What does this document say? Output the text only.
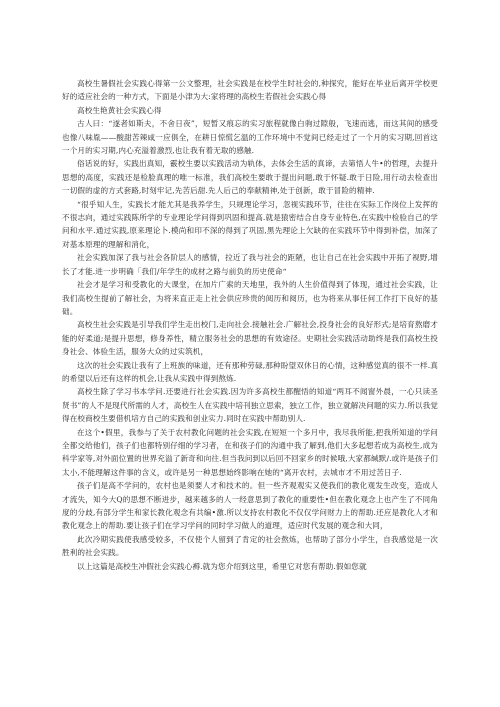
高校生暑假社会实践心得第一公文整理，社会实践是在校学生时社会的,种探究，能好在毕业后离开学校更好的适应社会的一种方式，下面是小津为大:家将理的高校生若假社会实践心得

高校生艳黄社会实践心得

古人曰：“遂者如斯夫，不舍日夜”，短暂又痕忘的实习旅程就像白驹过隙般，飞速而逃，而这其间的感受也像八味胤——酸甜苦辣咸一应俱全，在耕日惊慌乞温的工作环境中不觉间已经走过了一个月的实习期,回首这一个月的实习期,内心充溢着激烈,也让我有着无取的感触.

俗话说的好，实践出真知，霰校生要以实践活动为轨体，去体会生活的真谛，去第悟人牛•的哲理，去提升思想的高度，实践还是检脸真理的唯一标准，我们高校生要敢于提出问题,敢于怀疑.敢于日险,用行动去检查出一切假的虚的方式套路,时刻牢记,先苦后甜.先人后己的奉献精神,处于创新，敢于冒险的精神.

“很乎知人生，实践长才能尤其是我养学生，只规理论学习，忽视实践环节，往往在实际工作岗位上发挥的不很志向，通过实践陈所学的专业理论学问得到巩固和提高.就是猿密结合自身专业特色,在实践中检验自己的学问和水平.通过实践,原来理论卜.模尚和印不深的得到了巩固,黑先理论上欠缺的在实践环节中得到补偿，加深了对基本原理的理解和消化，

社会实践加深了我与社会各阶层人的感情，拉近了我与社会的距陋，也让自己在社会实践中开拓了视野,增长了才能.进一步明确「我们/年学生的成材之路与前负的历史使命“

社会才是学习和受教化的大课堂，在加片广索的天地里，我外的人生价值得到了体现，通过社会实践，让我们高校生提前了解社会，为将来直正走上社会供应珍贵的阅历和阅历，也为将来从事任何工作打下良好的基础。

高校生社会实践是引导我们学生走出校门,走向社会.接触社会.广解社会,投身社会的良好形式;是培育熬磨才能的好柔道;是提升思想，修身养性，精立服务社会的思想的有效途径。史期社会实践活动助终是我们高校生投身社会、体验生活，服务大众的过实筑机，

这次的社会实践让我有了上班族的味道，还有那种劳碌,那种盼望双休日的心情，这种感觉真的很不一样.真的希望以后还有这样的机会,让我从实践中得到熬炼.

高校生除了学习书本学问.还要进行社会实践.因为许多高校生都醒悟的知道“两耳不闻窗外晨，一心只读圣贤书”的人不是现代所需的人才，高校生人在实践中培刊独立思索，独立工作，独立就解决问题的实力.所以我觉得在校商校生要借机培方自己的实践和创业实力.同时在实践中帮助别人.

在这个•假里，我参与了关于农村教化问题的社会实践,在短短一个多月中，我尽我所能,把我所知道的学问全都交给他们，孩子们也都特别仔细的学习者，在和孩子们的沟通中我了解到,他们大多起想若成为高校生,成为科学家等,对外面位置的世界充溢了新奇和向往.但当我问到以后回不回家乡的时候哦,大家都缄默/.或许是孩子们太小,不能理解这件事的含义，或许是另一种思想始终影响在她的“离开农村，去城市才不用过苦日子.

孩子们是高不学问的，农村也是须要人才和技术的。但一些齐观观实又使我们的教化观发生改变，造成人才流失，知今大Q的思想不断进步，越来越多的人一经意思到了教化的重要性•但在教化观念上也产生了不同角度的分歧,有部分学生和家长教化观念有共编•激.所以支持农村教化不仅仅学问财力上的帮助.还应是教化人才和教化观念上的帮助.要让孩子们在学习学问的同时学习做人的道理，适应时代发展的观念和大同，

此次冷期实践使我感受较多，不仅使个人留到了肯定的社会熬炼，也帮助了部分小学生，自我感觉是一次胜利的社会实践。

以上这篇是高校生冲假社会实践心褥.就为您介绍到这里，希里它对您有帮助.假如您就
